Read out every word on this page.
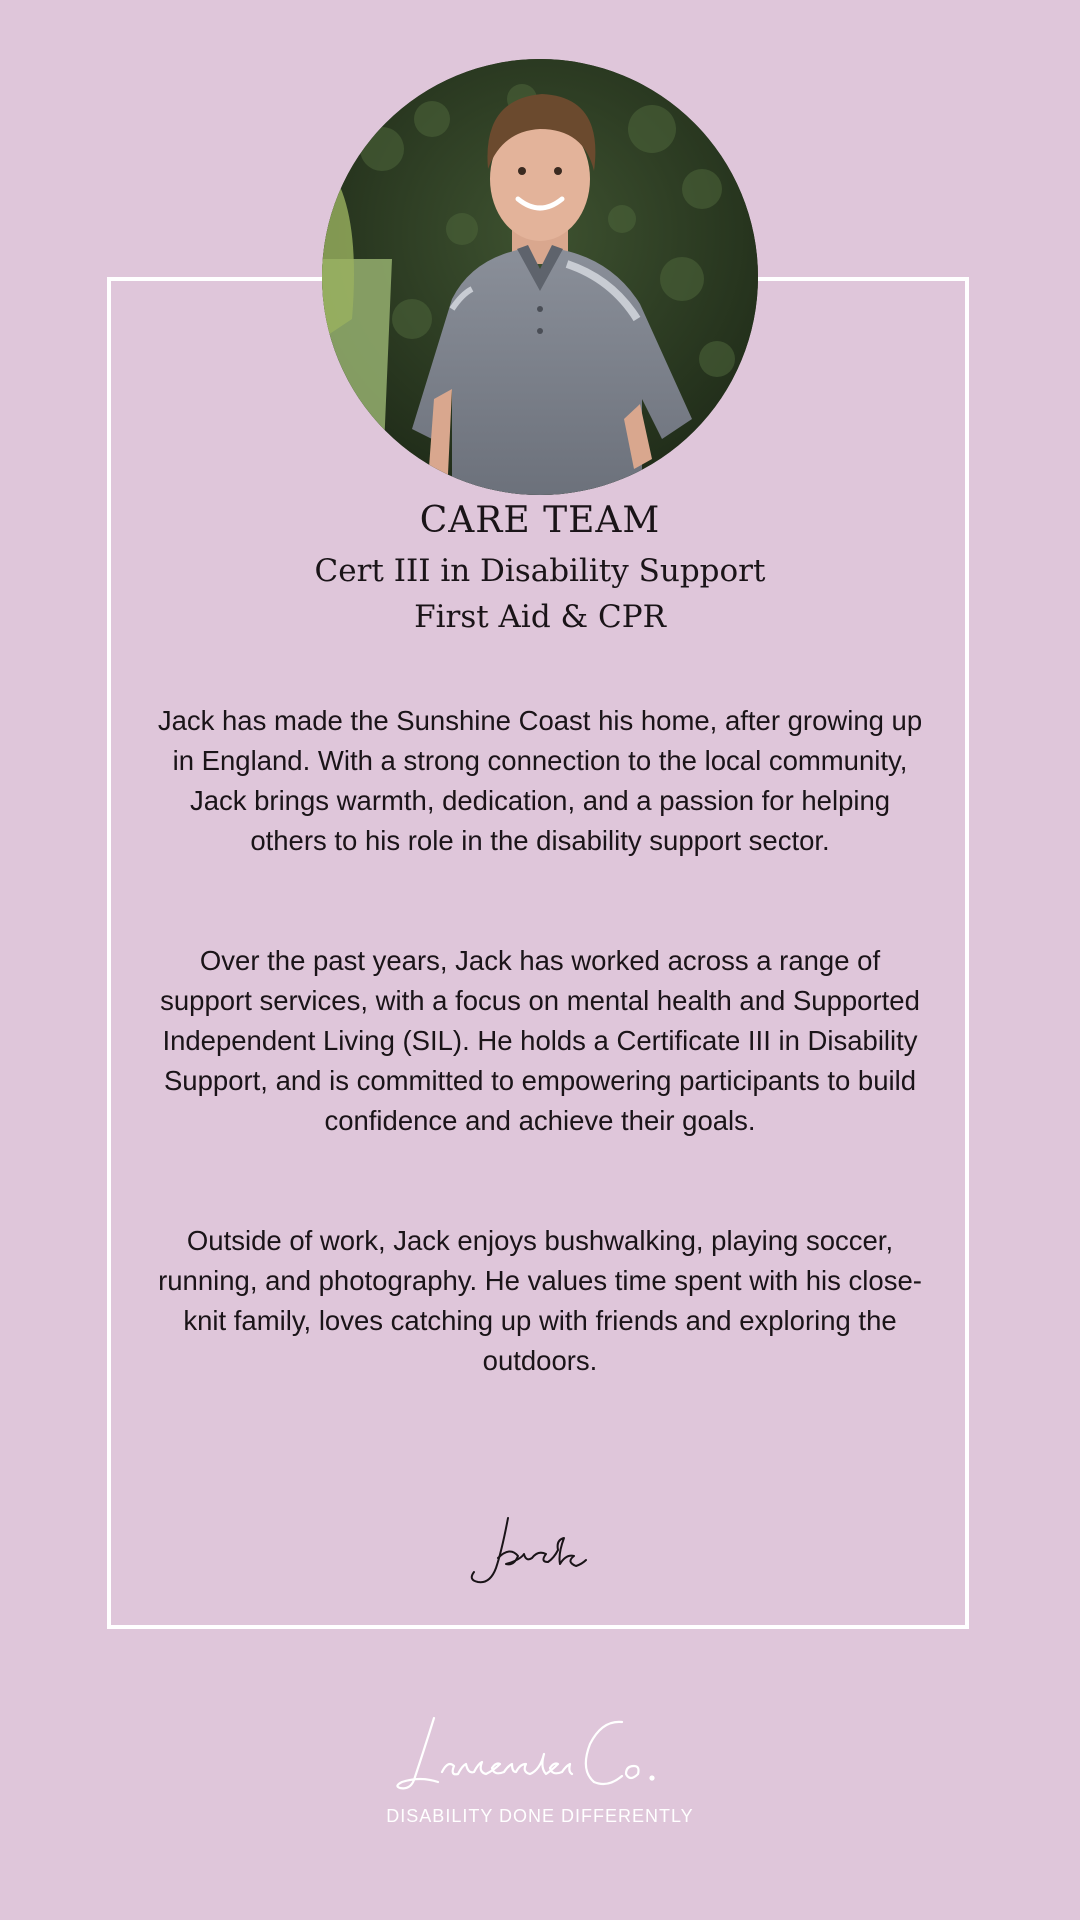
CARE TEAM
Cert III in Disability Support
First Aid & CPR
Jack has made the Sunshine Coast his home, after growing up in England. With a strong connection to the local community, Jack brings warmth, dedication, and a passion for helping others to his role in the disability support sector.
Over the past years, Jack has worked across a range of support services, with a focus on mental health and Supported Independent Living (SIL). He holds a Certificate III in Disability Support, and is committed to empowering participants to build confidence and achieve their goals.
Outside of work, Jack enjoys bushwalking, playing soccer, running, and photography. He values time spent with his close-knit family, loves catching up with friends and exploring the outdoors.
DISABILITY DONE DIFFERENTLY
